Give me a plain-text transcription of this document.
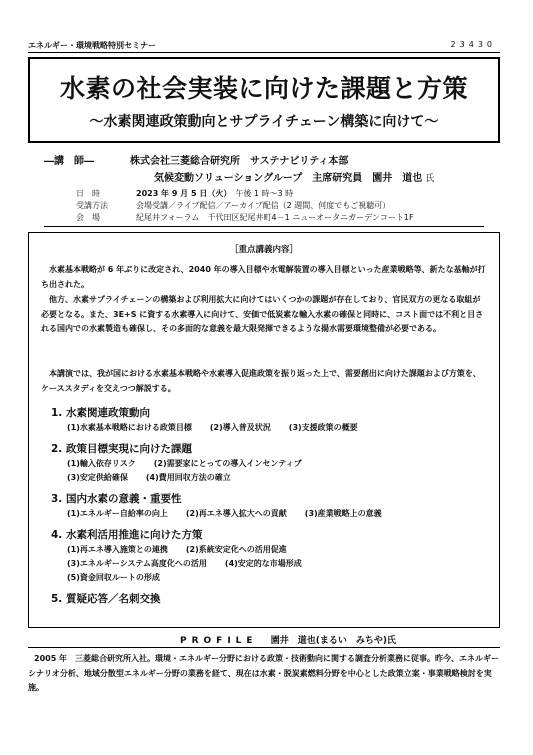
エネルギー・環境戦略特別セミナー	23430
水素の社会実装に向けた課題と方策
～水素関連政策動向とサプライチェーン構築に向けて～
―講　師―	株式会社三菱総合研究所　サステナビリティ本部
気候変動ソリューショングループ　主席研究員　園井　道也 氏
日　時	2023 年 9 月 5 日（火）　午後 1 時～3 時
受講方法	会場受講／ライブ配信／アーカイブ配信（2 週間、何度でもご視聴可）
会　場	紀尾井フォーラム　千代田区紀尾井町4－1 ニューオータニガーデンコート1F
［重点講義内容］
水素基本戦略が 6 年ぶりに改定され、2040 年の導入目標や水電解装置の導入目標といった産業戦略等、新たな基軸が打ち出された。
他方、水素サプライチェーンの構築および利用拡大に向けてはいくつかの課題が存在しており、官民双方の更なる取組が必要となる。また、3E+S に資する水素導入に向けて、安価で低炭素な輸入水素の確保と同時に、コスト面では不利と目される国内での水素製造も確保し、その多面的な意義を最大限発揮できるような揚水需要環境整備が必要である。
本講演では、我が国における水素基本戦略や水素導入促進政策を振り返った上で、需要創出に向けた課題および方策を、ケーススタディを交えつつ解説する。
1. 水素関連政策動向
(1)水素基本戦略における政策目標 (2)導入普及状況 (3)支援政策の概要
2. 政策目標実現に向けた課題
(1)輸入依存リスク (2)需要家にとっての導入インセンティブ
(3)安定供給確保 (4)費用回収方法の確立
3. 国内水素の意義・重要性
(1)エネルギー自給率の向上 (2)再エネ導入拡大への貢献 (3)産業戦略上の意義
4. 水素利活用推進に向けた方策
(1)再エネ導入施策との連携 (2)系統安定化への活用促進
(3)エネルギーシステム高度化への活用 (4)安定的な市場形成
(5)資金回収ルートの形成
5. 質疑応答／名刺交換
PROFILE 園井　道也(まるい　みちや)氏
2005 年　三菱総合研究所入社。環境・エネルギー分野における政策・技術動向に関する調査分析業務に従事。昨今、エネルギーシナリオ分析、地域分散型エネルギー分野の業務を経て、現在は水素・脱炭素燃料分野を中心とした政策立案・事業戦略検討を実施。
